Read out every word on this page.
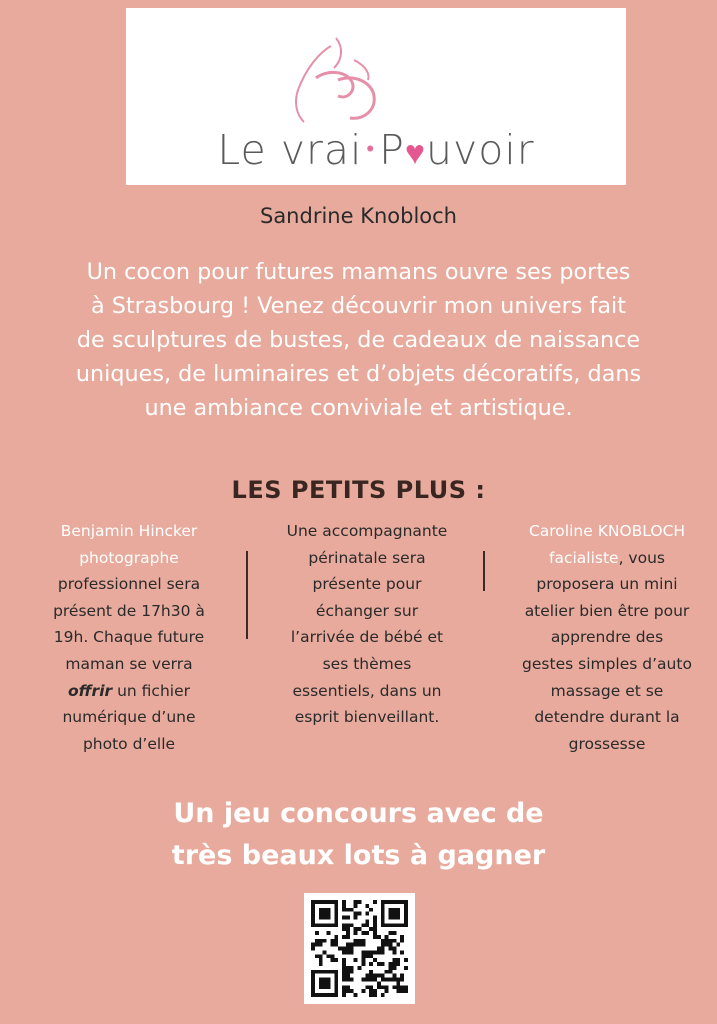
Le vrai •P♥uvoir
Sandrine Knobloch
Un cocon pour futures mamans ouvre ses portes
à Strasbourg ! Venez découvrir mon univers fait
de sculptures de bustes, de cadeaux de naissance
uniques, de luminaires et d’objets décoratifs, dans
une ambiance conviviale et artistique.
LES PETITS PLUS :
Benjamin Hincker
photographe
professionnel sera
présent de 17h30 à
19h. Chaque future
maman se verra
offrir un fichier
numérique d’une
photo d’elle
Une accompagnante
périnatale sera
présente pour
échanger sur
l’arrivée de bébé et
ses thèmes
essentiels, dans un
esprit bienveillant.
Caroline KNOBLOCH
facialiste, vous
proposera un mini
atelier bien être pour
apprendre des
gestes simples d’auto
massage et se
detendre durant la
grossesse
Un jeu concours avec de
très beaux lots à gagner
